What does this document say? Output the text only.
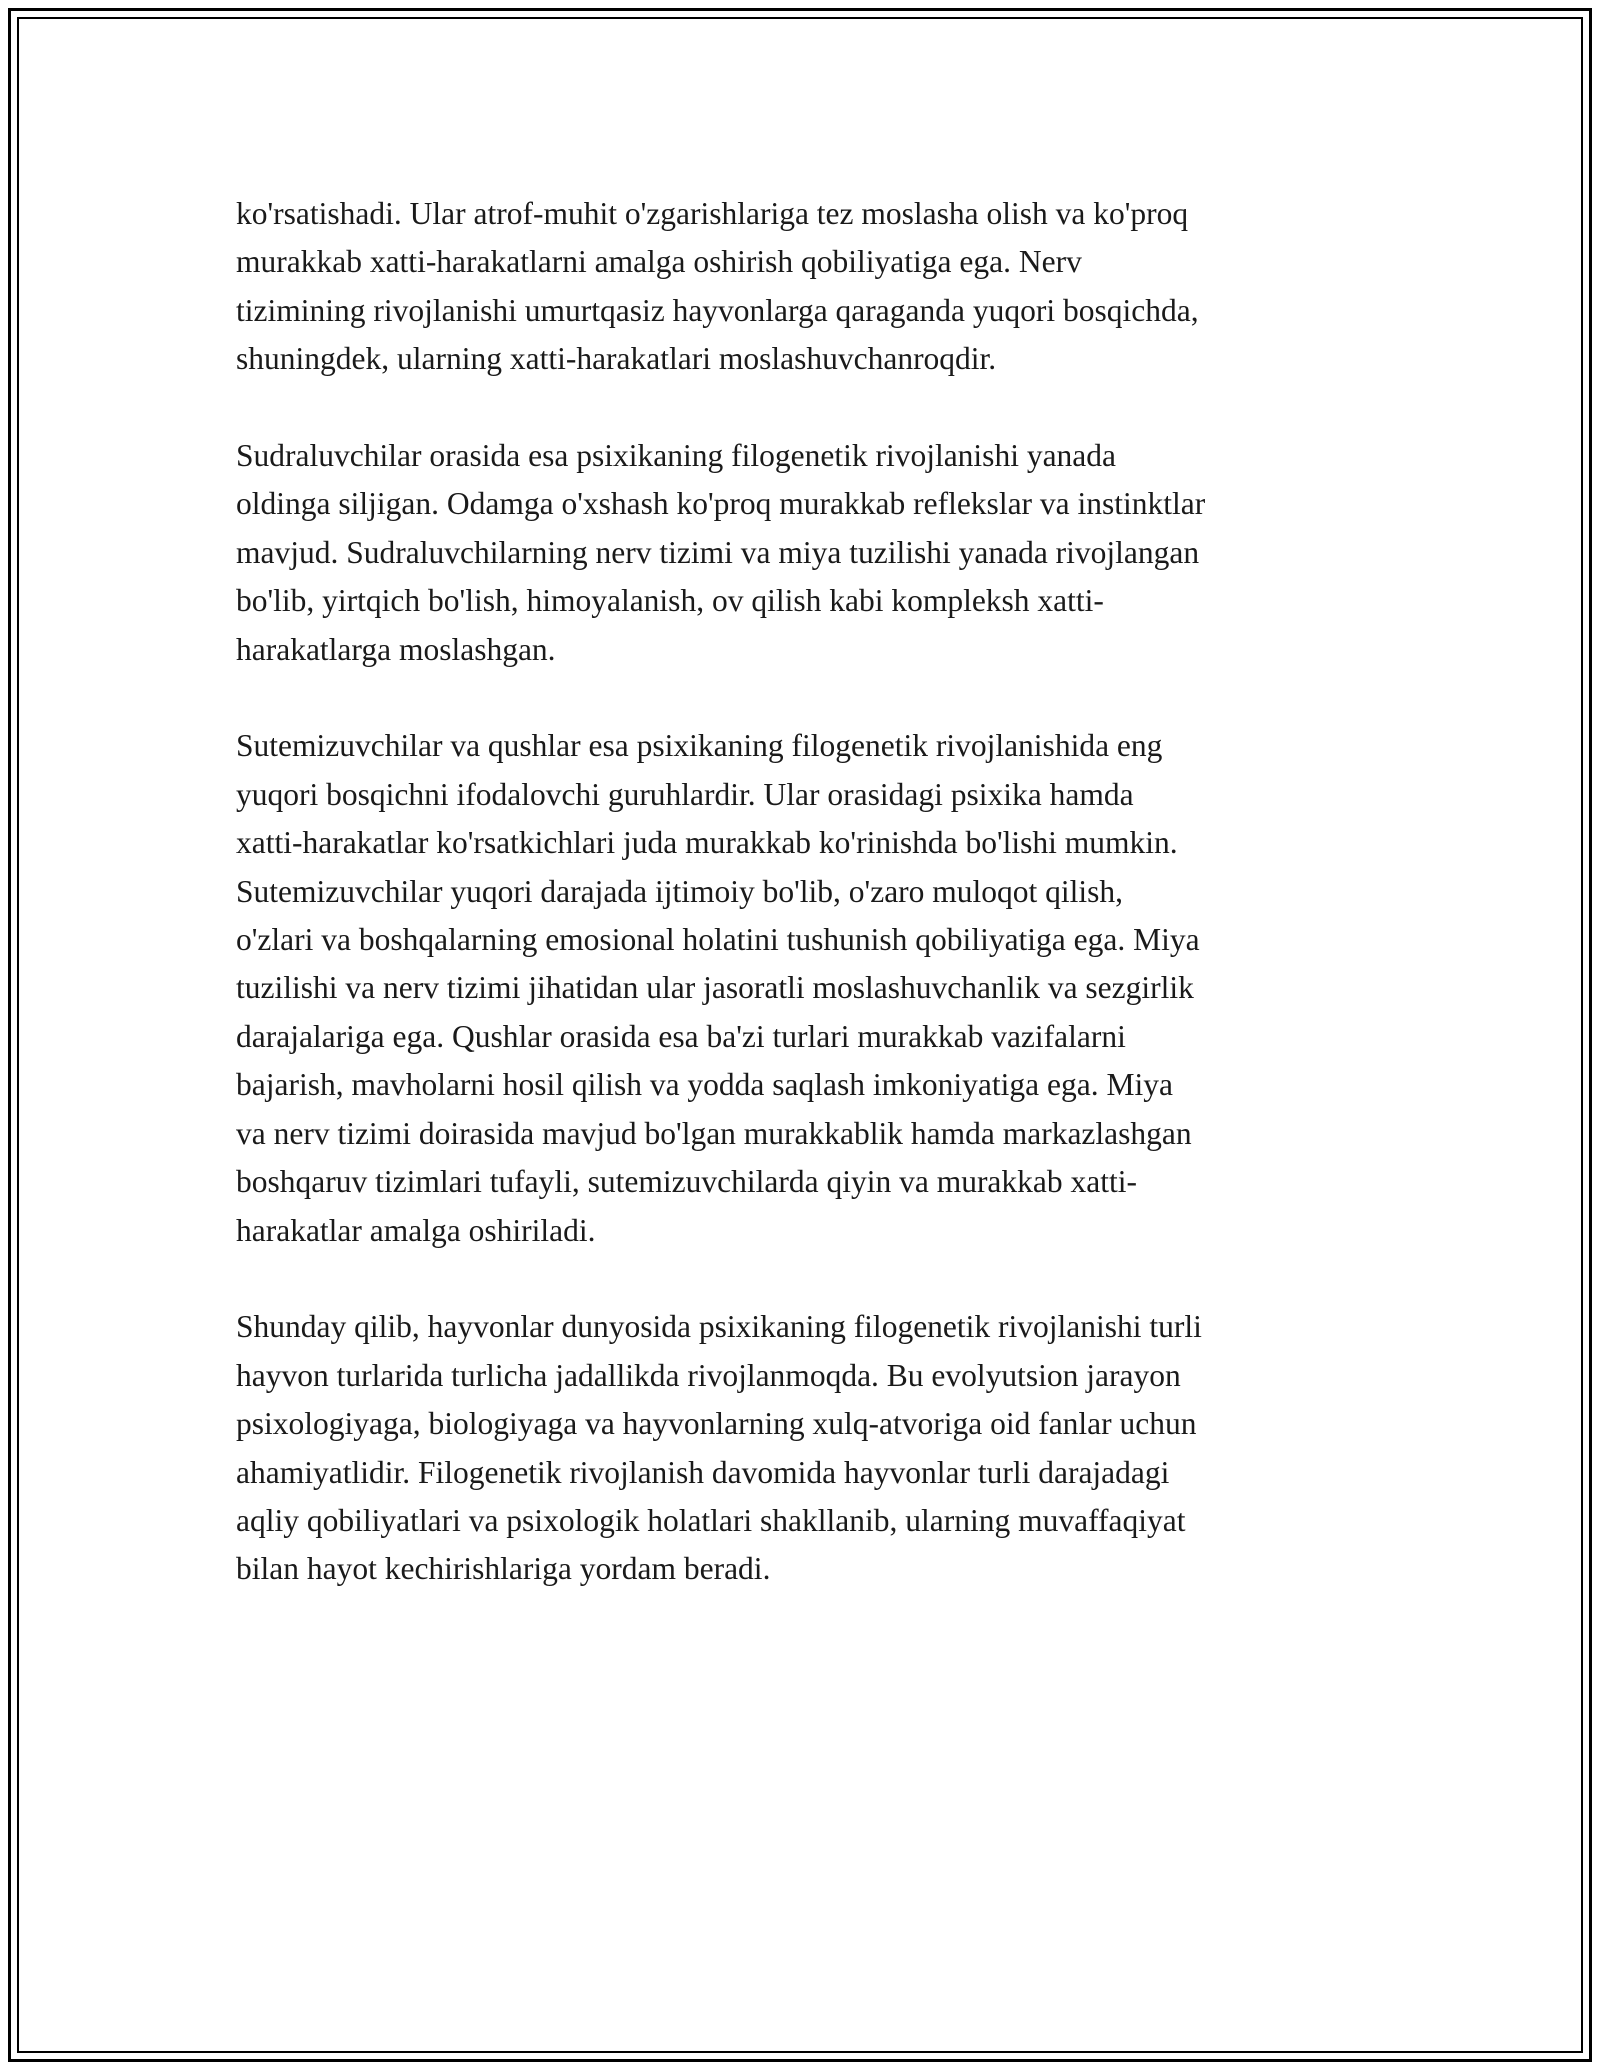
ko'rsatishadi. Ular atrof-muhit o'zgarishlariga tez moslasha olish va ko'proq
murakkab xatti-harakatlarni amalga oshirish qobiliyatiga ega. Nerv
tizimining rivojlanishi umurtqasiz hayvonlarga qaraganda yuqori bosqichda,
shuningdek, ularning xatti-harakatlari moslashuvchanroqdir.

Sudraluvchilar orasida esa psixikaning filogenetik rivojlanishi yanada
oldinga siljigan. Odamga o'xshash ko'proq murakkab reflekslar va instinktlar
mavjud. Sudraluvchilarning nerv tizimi va miya tuzilishi yanada rivojlangan
bo'lib, yirtqich bo'lish, himoyalanish, ov qilish kabi kompleksh xatti-
harakatlarga moslashgan.

Sutemizuvchilar va qushlar esa psixikaning filogenetik rivojlanishida eng
yuqori bosqichni ifodalovchi guruhlardir. Ular orasidagi psixika hamda
xatti-harakatlar ko'rsatkichlari juda murakkab ko'rinishda bo'lishi mumkin.
Sutemizuvchilar yuqori darajada ijtimoiy bo'lib, o'zaro muloqot qilish,
o'zlari va boshqalarning emosional holatini tushunish qobiliyatiga ega. Miya
tuzilishi va nerv tizimi jihatidan ular jasoratli moslashuvchanlik va sezgirlik
darajalariga ega. Qushlar orasida esa ba'zi turlari murakkab vazifalarni
bajarish, mavholarni hosil qilish va yodda saqlash imkoniyatiga ega. Miya
va nerv tizimi doirasida mavjud bo'lgan murakkablik hamda markazlashgan
boshqaruv tizimlari tufayli, sutemizuvchilarda qiyin va murakkab xatti-
harakatlar amalga oshiriladi.

Shunday qilib, hayvonlar dunyosida psixikaning filogenetik rivojlanishi turli
hayvon turlarida turlicha jadallikda rivojlanmoqda. Bu evolyutsion jarayon
psixologiyaga, biologiyaga va hayvonlarning xulq-atvoriga oid fanlar uchun
ahamiyatlidir. Filogenetik rivojlanish davomida hayvonlar turli darajadagi
aqliy qobiliyatlari va psixologik holatlari shakllanib, ularning muvaffaqiyat
bilan hayot kechirishlariga yordam beradi.
